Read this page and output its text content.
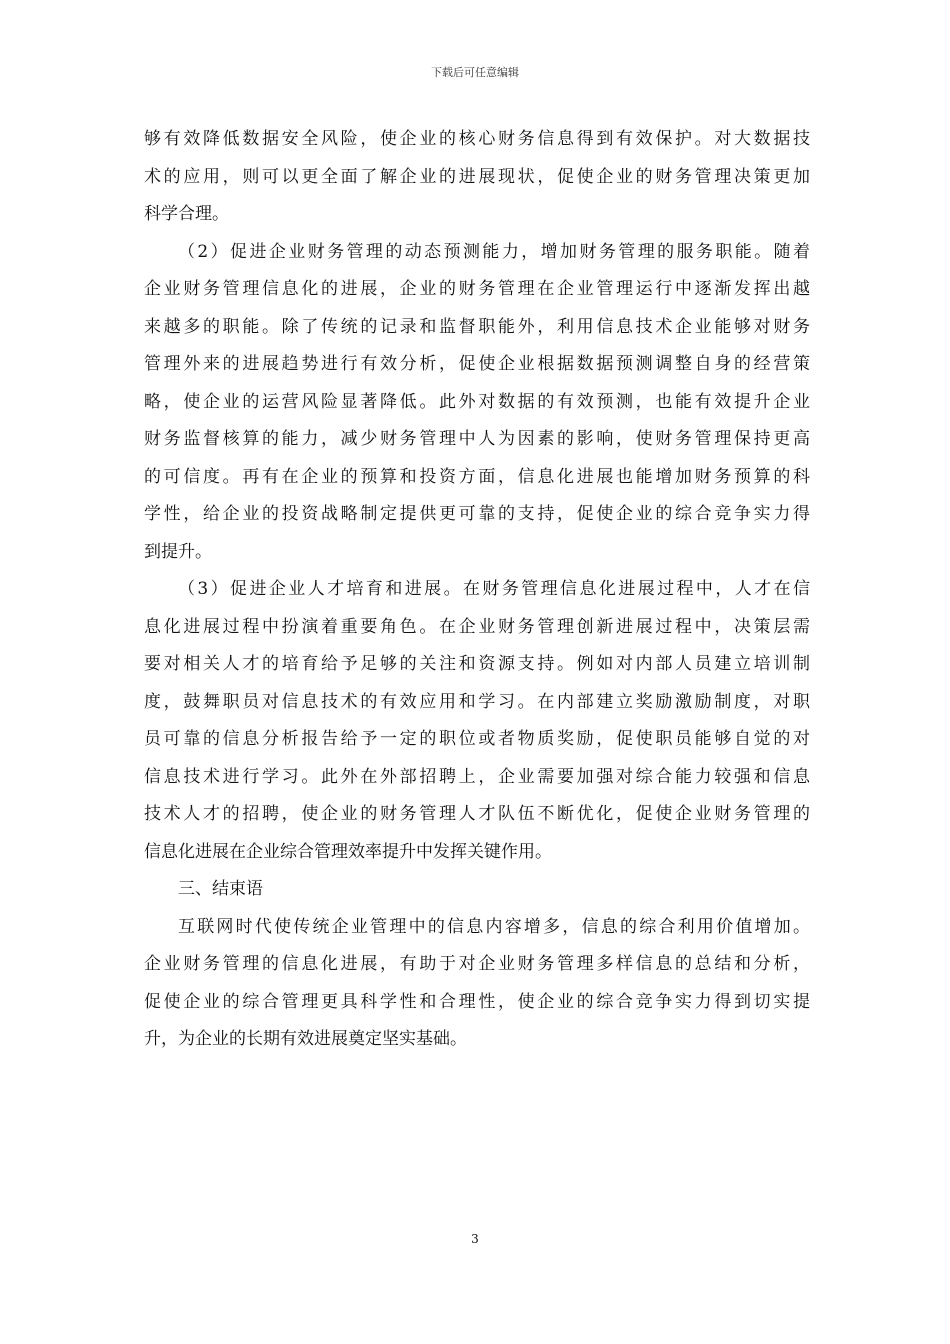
下载后可任意编辑
够有效降低数据安全风险，使企业的核心财务信息得到有效保护。对大数据技
术的应用，则可以更全面了解企业的进展现状，促使企业的财务管理决策更加
科学合理。
（2）促进企业财务管理的动态预测能力，增加财务管理的服务职能。随着
企业财务管理信息化的进展，企业的财务管理在企业管理运行中逐渐发挥出越
来越多的职能。除了传统的记录和监督职能外，利用信息技术企业能够对财务
管理外来的进展趋势进行有效分析，促使企业根据数据预测调整自身的经营策
略，使企业的运营风险显著降低。此外对数据的有效预测，也能有效提升企业
财务监督核算的能力，减少财务管理中人为因素的影响，使财务管理保持更高
的可信度。再有在企业的预算和投资方面，信息化进展也能增加财务预算的科
学性，给企业的投资战略制定提供更可靠的支持，促使企业的综合竞争实力得
到提升。
（3）促进企业人才培育和进展。在财务管理信息化进展过程中，人才在信
息化进展过程中扮演着重要角色。在企业财务管理创新进展过程中，决策层需
要对相关人才的培育给予足够的关注和资源支持。例如对内部人员建立培训制
度，鼓舞职员对信息技术的有效应用和学习。在内部建立奖励激励制度，对职
员可靠的信息分析报告给予一定的职位或者物质奖励，促使职员能够自觉的对
信息技术进行学习。此外在外部招聘上，企业需要加强对综合能力较强和信息
技术人才的招聘，使企业的财务管理人才队伍不断优化，促使企业财务管理的
信息化进展在企业综合管理效率提升中发挥关键作用。
三、结束语
互联网时代使传统企业管理中的信息内容增多，信息的综合利用价值增加。
企业财务管理的信息化进展，有助于对企业财务管理多样信息的总结和分析，
促使企业的综合管理更具科学性和合理性，使企业的综合竞争实力得到切实提
升，为企业的长期有效进展奠定坚实基础。
3
